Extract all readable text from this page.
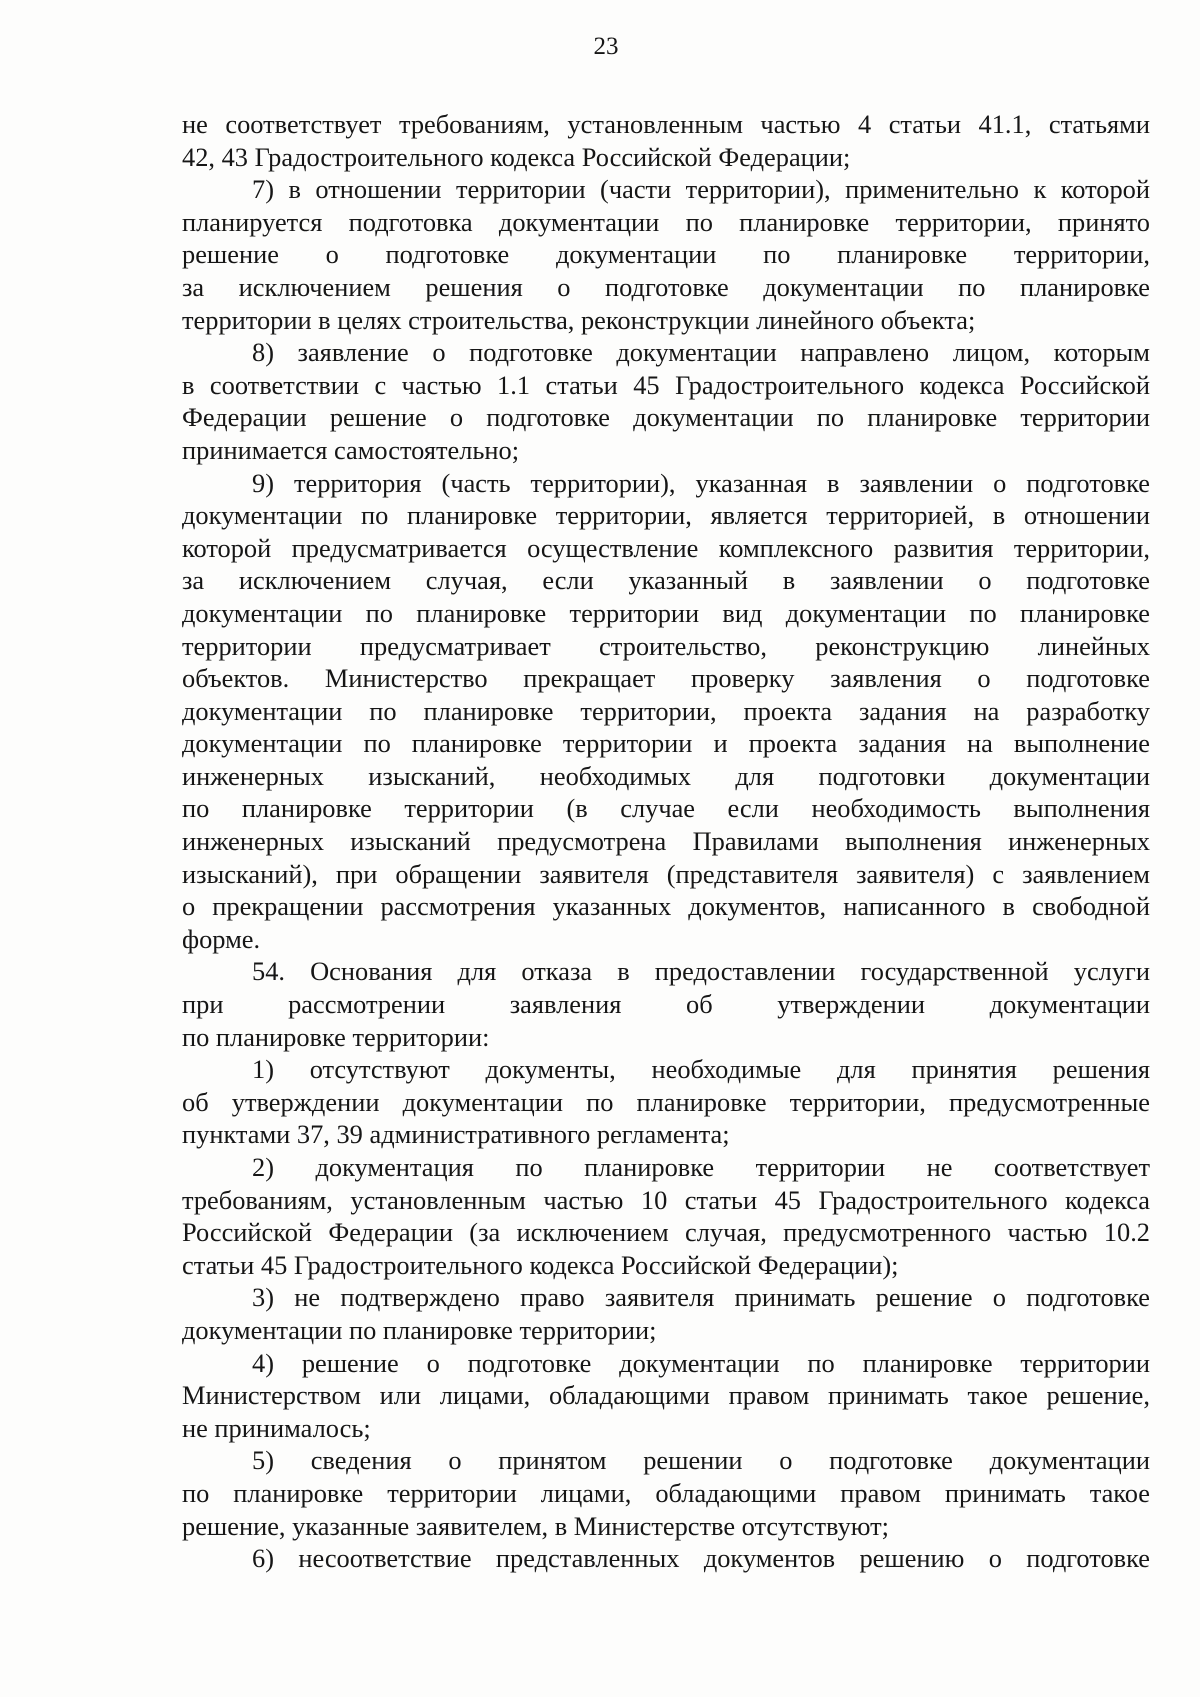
23

не соответствует требованиям, установленным частью 4 статьи 41.1, статьями
42, 43 Градостроительного кодекса Российской Федерации;

7) в отношении территории (части территории), применительно к которой
планируется подготовка документации по планировке территории, принято
решение о подготовке документации по планировке территории,
за исключением решения о подготовке документации по планировке
территории в целях строительства, реконструкции линейного объекта;

8) заявление о подготовке документации направлено лицом, которым
в соответствии с частью 1.1 статьи 45 Градостроительного кодекса Российской
Федерации решение о подготовке документации по планировке территории
принимается самостоятельно;

9) территория (часть территории), указанная в заявлении о подготовке
документации по планировке территории, является территорией, в отношении
которой предусматривается осуществление комплексного развития территории,
за исключением случая, если указанный в заявлении о подготовке
документации по планировке территории вид документации по планировке
территории предусматривает строительство, реконструкцию линейных
объектов. Министерство прекращает проверку заявления о подготовке
документации по планировке территории, проекта задания на разработку
документации по планировке территории и проекта задания на выполнение
инженерных изысканий, необходимых для подготовки документации
по планировке территории (в случае если необходимость выполнения
инженерных изысканий предусмотрена Правилами выполнения инженерных
изысканий), при обращении заявителя (представителя заявителя) с заявлением
о прекращении рассмотрения указанных документов, написанного в свободной
форме.

54. Основания для отказа в предоставлении государственной услуги
при рассмотрении заявления об утверждении документации
по планировке территории:

1) отсутствуют документы, необходимые для принятия решения
об утверждении документации по планировке территории, предусмотренные
пунктами 37, 39 административного регламента;

2) документация по планировке территории не соответствует
требованиям, установленным частью 10 статьи 45 Градостроительного кодекса
Российской Федерации (за исключением случая, предусмотренного частью 10.2
статьи 45 Градостроительного кодекса Российской Федерации);

3) не подтверждено право заявителя принимать решение о подготовке
документации по планировке территории;

4) решение о подготовке документации по планировке территории
Министерством или лицами, обладающими правом принимать такое решение,
не принималось;

5) сведения о принятом решении о подготовке документации
по планировке территории лицами, обладающими правом принимать такое
решение, указанные заявителем, в Министерстве отсутствуют;

6) несоответствие представленных документов решению о подготовке
